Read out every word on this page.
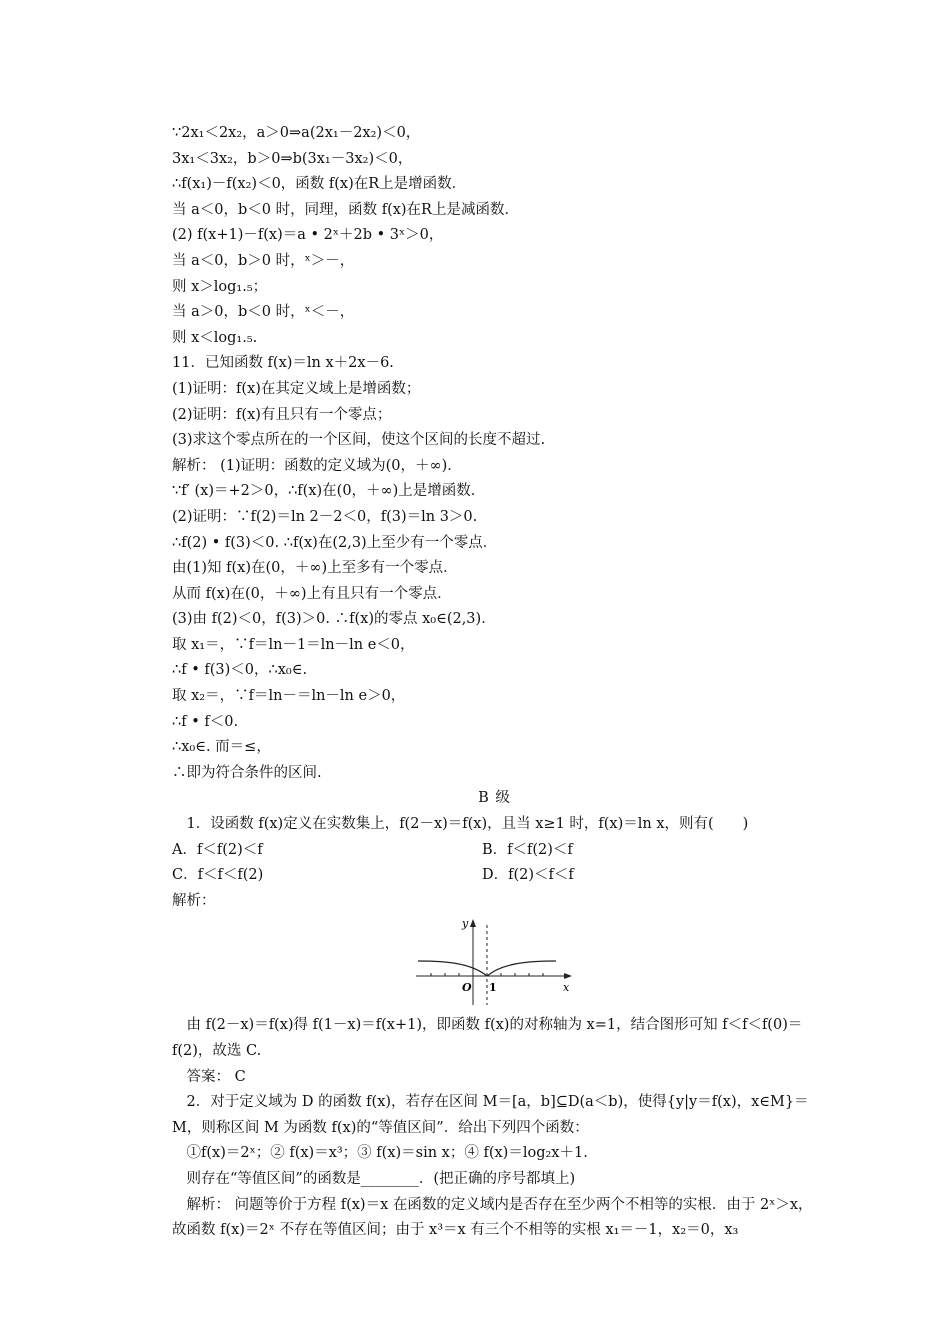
∵2x₁＜2x₂，a＞0⇒a(2x₁－2x₂)＜0，
3x₁＜3x₂，b＞0⇒b(3x₁－3x₂)＜0，
∴f(x₁)－f(x₂)＜0，函数 f(x)在R上是增函数．
当 a＜0，b＜0 时，同理，函数 f(x)在R上是减函数．
(2) f(x+1)－f(x)＝a • 2ˣ＋2b • 3ˣ＞0，
当 a＜0，b＞0 时，ˣ＞－，
则 x＞log₁.₅；
当 a＞0，b＜0 时，ˣ＜－，
则 x＜log₁.₅.
11．已知函数 f(x)＝ln x＋2x－6.
(1)证明：f(x)在其定义域上是增函数；
(2)证明：f(x)有且只有一个零点；
(3)求这个零点所在的一个区间，使这个区间的长度不超过.
解析： (1)证明：函数的定义域为(0，＋∞)．
∵f′ (x)＝+2＞0，∴f(x)在(0，＋∞)上是增函数．
(2)证明：∵f(2)＝ln 2－2＜0，f(3)＝ln 3＞0.
∴f(2) • f(3)＜0. ∴f(x)在(2,3)上至少有一个零点．
由(1)知 f(x)在(0，＋∞)上至多有一个零点．
从而 f(x)在(0，＋∞)上有且只有一个零点．
(3)由 f(2)＜0，f(3)＞0. ∴f(x)的零点 x₀∈(2,3)．
取 x₁＝，∵f＝ln－1＝ln－ln e＜0，
∴f • f(3)＜0，∴x₀∈.
取 x₂＝，∵f＝ln－＝ln－ln e＞0，
∴f • f＜0.
∴x₀∈. 而＝≤，
∴即为符合条件的区间.
B 级
　1．设函数 f(x)定义在实数集上，f(2－x)＝f(x)，且当 x≥1 时，f(x)＝ln x，则有(　　)
A．f＜f(2)＜f	B．f＜f(2)＜f
C．f＜f＜f(2)	D．f(2)＜f＜f
解析：
y
x
O 1
　由 f(2－x)＝f(x)得 f(1－x)＝f(x+1)，即函数 f(x)的对称轴为 x=1，结合图形可知 f＜f＜f(0)＝f(2)，故选 C.
　答案： C
　2．对于定义域为 D 的函数 f(x)，若存在区间 M＝[a，b]⊆D(a＜b)，使得{y|y＝f(x)，x∈M}＝M，则称区间 M 为函数 f(x)的“等值区间”．给出下列四个函数：
　①f(x)＝2ˣ；② f(x)＝x³；③ f(x)＝sin x；④ f(x)＝log₂x＋1.
　则存在“等值区间”的函数是________．(把正确的序号都填上)
　解析： 问题等价于方程 f(x)＝x 在函数的定义域内是否存在至少两个不相等的实根．由于 2ˣ＞x，故函数 f(x)＝2ˣ 不存在等值区间；由于 x³＝x 有三个不相等的实根 x₁＝－1，x₂＝0，x₃
